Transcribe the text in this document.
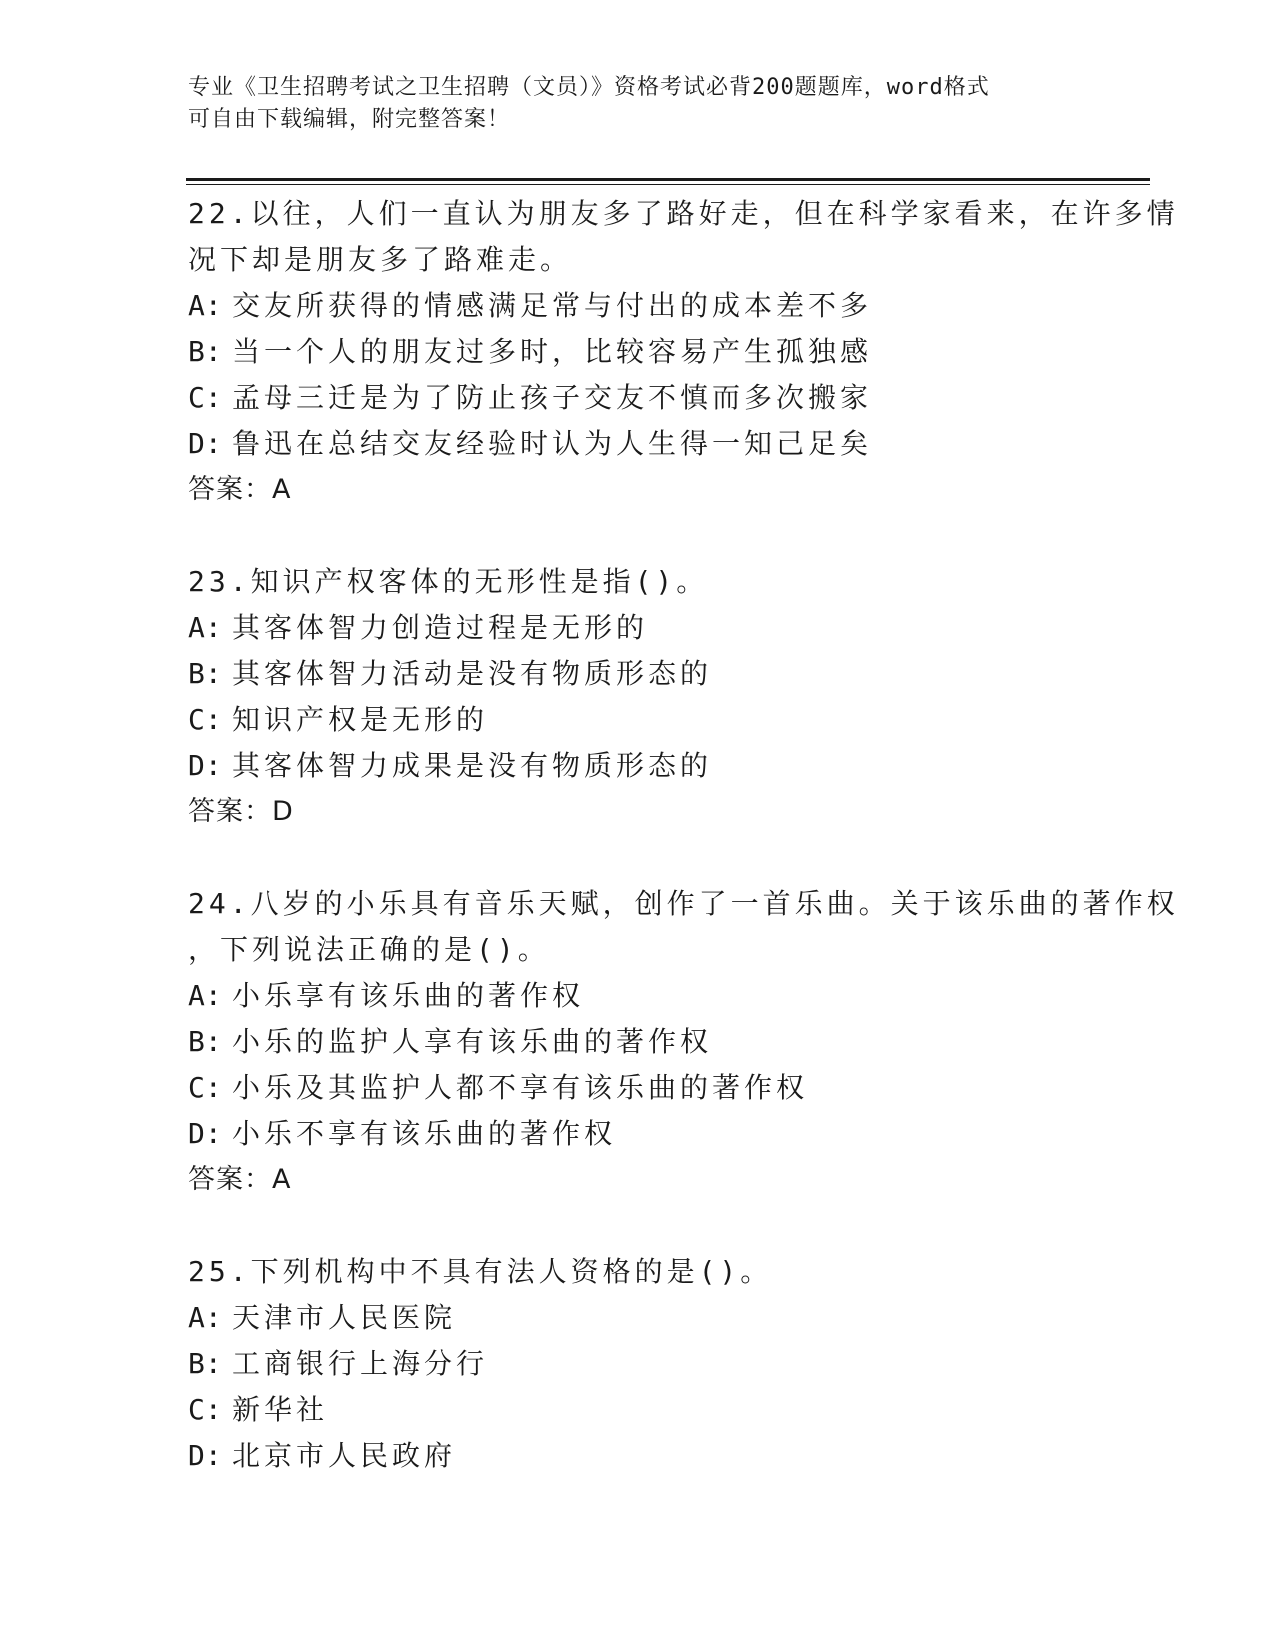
专业《卫生招聘考试之卫生招聘（文员）》资格考试必背200题题库，word格式
可自由下载编辑，附完整答案！
22.以往，人们一直认为朋友多了路好走，但在科学家看来，在许多情
况下却是朋友多了路难走。
A: 交友所获得的情感满足常与付出的成本差不多
B: 当一个人的朋友过多时，比较容易产生孤独感
C: 孟母三迁是为了防止孩子交友不慎而多次搬家
D: 鲁迅在总结交友经验时认为人生得一知己足矣
答案：A
23.知识产权客体的无形性是指()。
A: 其客体智力创造过程是无形的
B: 其客体智力活动是没有物质形态的
C: 知识产权是无形的
D: 其客体智力成果是没有物质形态的
答案：D
24.八岁的小乐具有音乐天赋，创作了一首乐曲。关于该乐曲的著作权
，下列说法正确的是()。
A: 小乐享有该乐曲的著作权
B: 小乐的监护人享有该乐曲的著作权
C: 小乐及其监护人都不享有该乐曲的著作权
D: 小乐不享有该乐曲的著作权
答案：A
25.下列机构中不具有法人资格的是()。
A: 天津市人民医院
B: 工商银行上海分行
C: 新华社
D: 北京市人民政府
